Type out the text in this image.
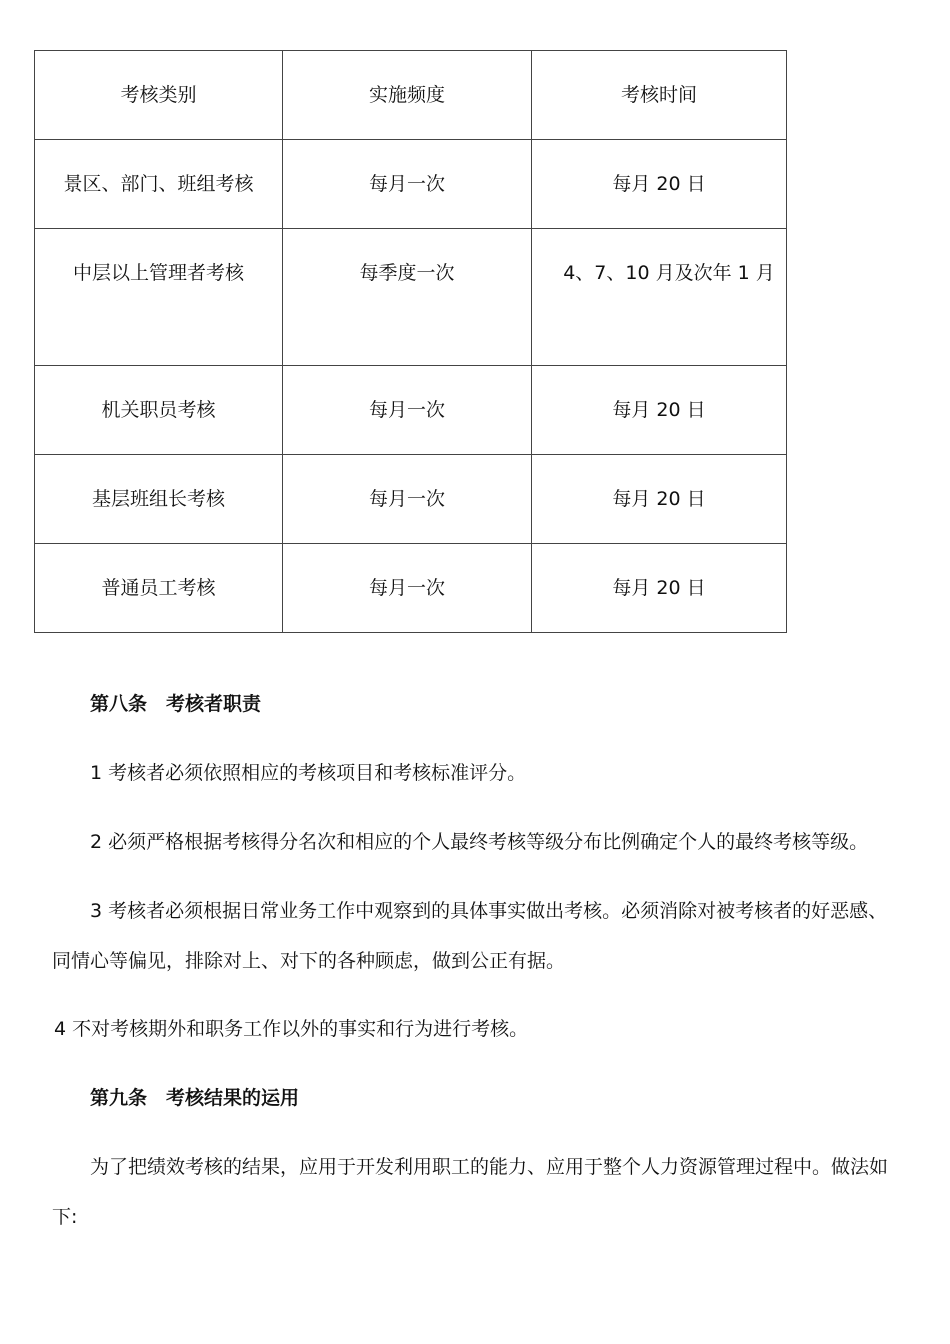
考核类别	实施频度	考核时间
景区、部门、班组考核	每月一次	每月 20 日
中层以上管理者考核	每季度一次	4、7、10 月及次年 1 月
机关职员考核	每月一次	每月 20 日
基层班组长考核	每月一次	每月 20 日
普通员工考核	每月一次	每月 20 日

第八条 考核者职责

1 考核者必须依照相应的考核项目和考核标准评分。

2 必须严格根据考核得分名次和相应的个人最终考核等级分布比例确定个人的最终考核等级。

3 考核者必须根据日常业务工作中观察到的具体事实做出考核。必须消除对被考核者的好恶感、同情心等偏见，排除对上、对下的各种顾虑，做到公正有据。

4 不对考核期外和职务工作以外的事实和行为进行考核。

第九条 考核结果的运用

为了把绩效考核的结果，应用于开发利用职工的能力、应用于整个人力资源管理过程中。做法如下:
